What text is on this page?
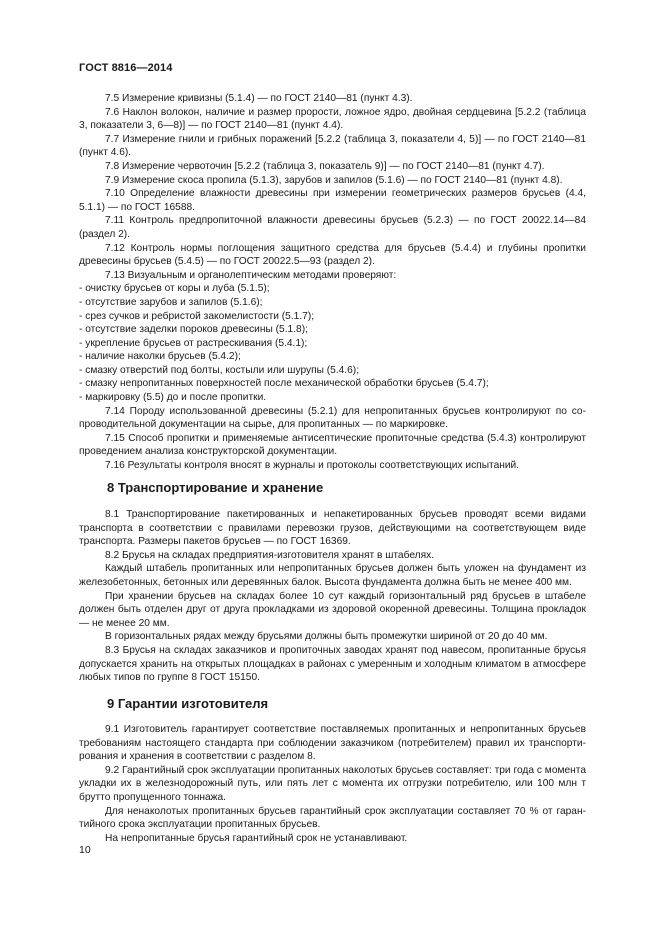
ГОСТ 8816—2014

7.5 Измерение кривизны (5.1.4) — по ГОСТ 2140—81 (пункт 4.3).

7.6 Наклон волокон, наличие и размер прорости, ложное ядро, двойная сердцевина [5.2.2 (таблица 3, показатели 3, 6—8)] — по ГОСТ 2140—81 (пункт 4.4).

7.7 Измерение гнили и грибных поражений [5.2.2 (таблица 3, показатели 4, 5)] — по ГОСТ 2140—81 (пункт 4.6).

7.8 Измерение червоточин [5.2.2 (таблица 3, показатель 9)] — по ГОСТ 2140—81 (пункт 4.7).

7.9 Измерение скоса пропила (5.1.3), зарубов и запилов (5.1.6) — по ГОСТ 2140—81 (пункт 4.8).

7.10 Определение влажности древесины при измерении геометрических размеров брусьев (4.4, 5.1.1) — по ГОСТ 16588.

7.11 Контроль предпропиточной влажности древесины брусьев (5.2.3) — по ГОСТ 20022.14—84 (раздел 2).

7.12 Контроль нормы поглощения защитного средства для брусьев (5.4.4) и глубины пропитки древесины брусьев (5.4.5) — по ГОСТ 20022.5—93 (раздел 2).

7.13 Визуальным и органолептическим методами проверяют:

- очистку брусьев от коры и луба (5.1.5);

- отсутствие зарубов и запилов (5.1.6);

- срез сучков и ребристой закомелистости (5.1.7);

- отсутствие заделки пороков древесины (5.1.8);

- укрепление брусьев от растрескивания (5.4.1);

- наличие наколки брусьев (5.4.2);

- смазку отверстий под болты, костыли или шурупы (5.4.6);

- смазку непропитанных поверхностей после механической обработки брусьев (5.4.7);

- маркировку (5.5) до и после пропитки.

7.14 Породу использованной древесины (5.2.1) для непропитанных брусьев контролируют по сопроводительной документации на сырье, для пропитанных — по маркировке.

7.15 Способ пропитки и применяемые антисептические пропиточные средства (5.4.3) контролируют проведением анализа конструкторской документации.

7.16 Результаты контроля вносят в журналы и протоколы соответствующих испытаний.

8 Транспортирование и хранение

8.1 Транспортирование пакетированных и непакетированных брусьев проводят всеми видами транспорта в соответствии с правилами перевозки грузов, действующими на соответствующем виде транспорта. Размеры пакетов брусьев — по ГОСТ 16369.

8.2 Брусья на складах предприятия-изготовителя хранят в штабелях.

Каждый штабель пропитанных или непропитанных брусьев должен быть уложен на фундамент из железобетонных, бетонных или деревянных балок. Высота фундамента должна быть не менее 400 мм.

При хранении брусьев на складах более 10 сут каждый горизонтальный ряд брусьев в штабеле должен быть отделен друг от друга прокладками из здоровой окоренной древесины. Толщина прокладок — не менее 20 мм.

В горизонтальных рядах между брусьями должны быть промежутки шириной от 20 до 40 мм.

8.3 Брусья на складах заказчиков и пропиточных заводах хранят под навесом, пропитанные брусья допускается хранить на открытых площадках в районах с умеренным и холодным климатом в атмосфере любых типов по группе 8 ГОСТ 15150.

9 Гарантии изготовителя

9.1 Изготовитель гарантирует соответствие поставляемых пропитанных и непропитанных брусьев требованиям настоящего стандарта при соблюдении заказчиком (потребителем) правил их транспортирования и хранения в соответствии с разделом 8.

9.2 Гарантийный срок эксплуатации пропитанных наколотых брусьев составляет: три года с момента укладки их в железнодорожный путь, или пять лет с момента их отгрузки потребителю, или 100 млн т брутто пропущенного тоннажа.

Для ненаколотых пропитанных брусьев гарантийный срок эксплуатации составляет 70 % от гарантийного срока эксплуатации пропитанных брусьев.

На непропитанные брусья гарантийный срок не устанавливают.

10
